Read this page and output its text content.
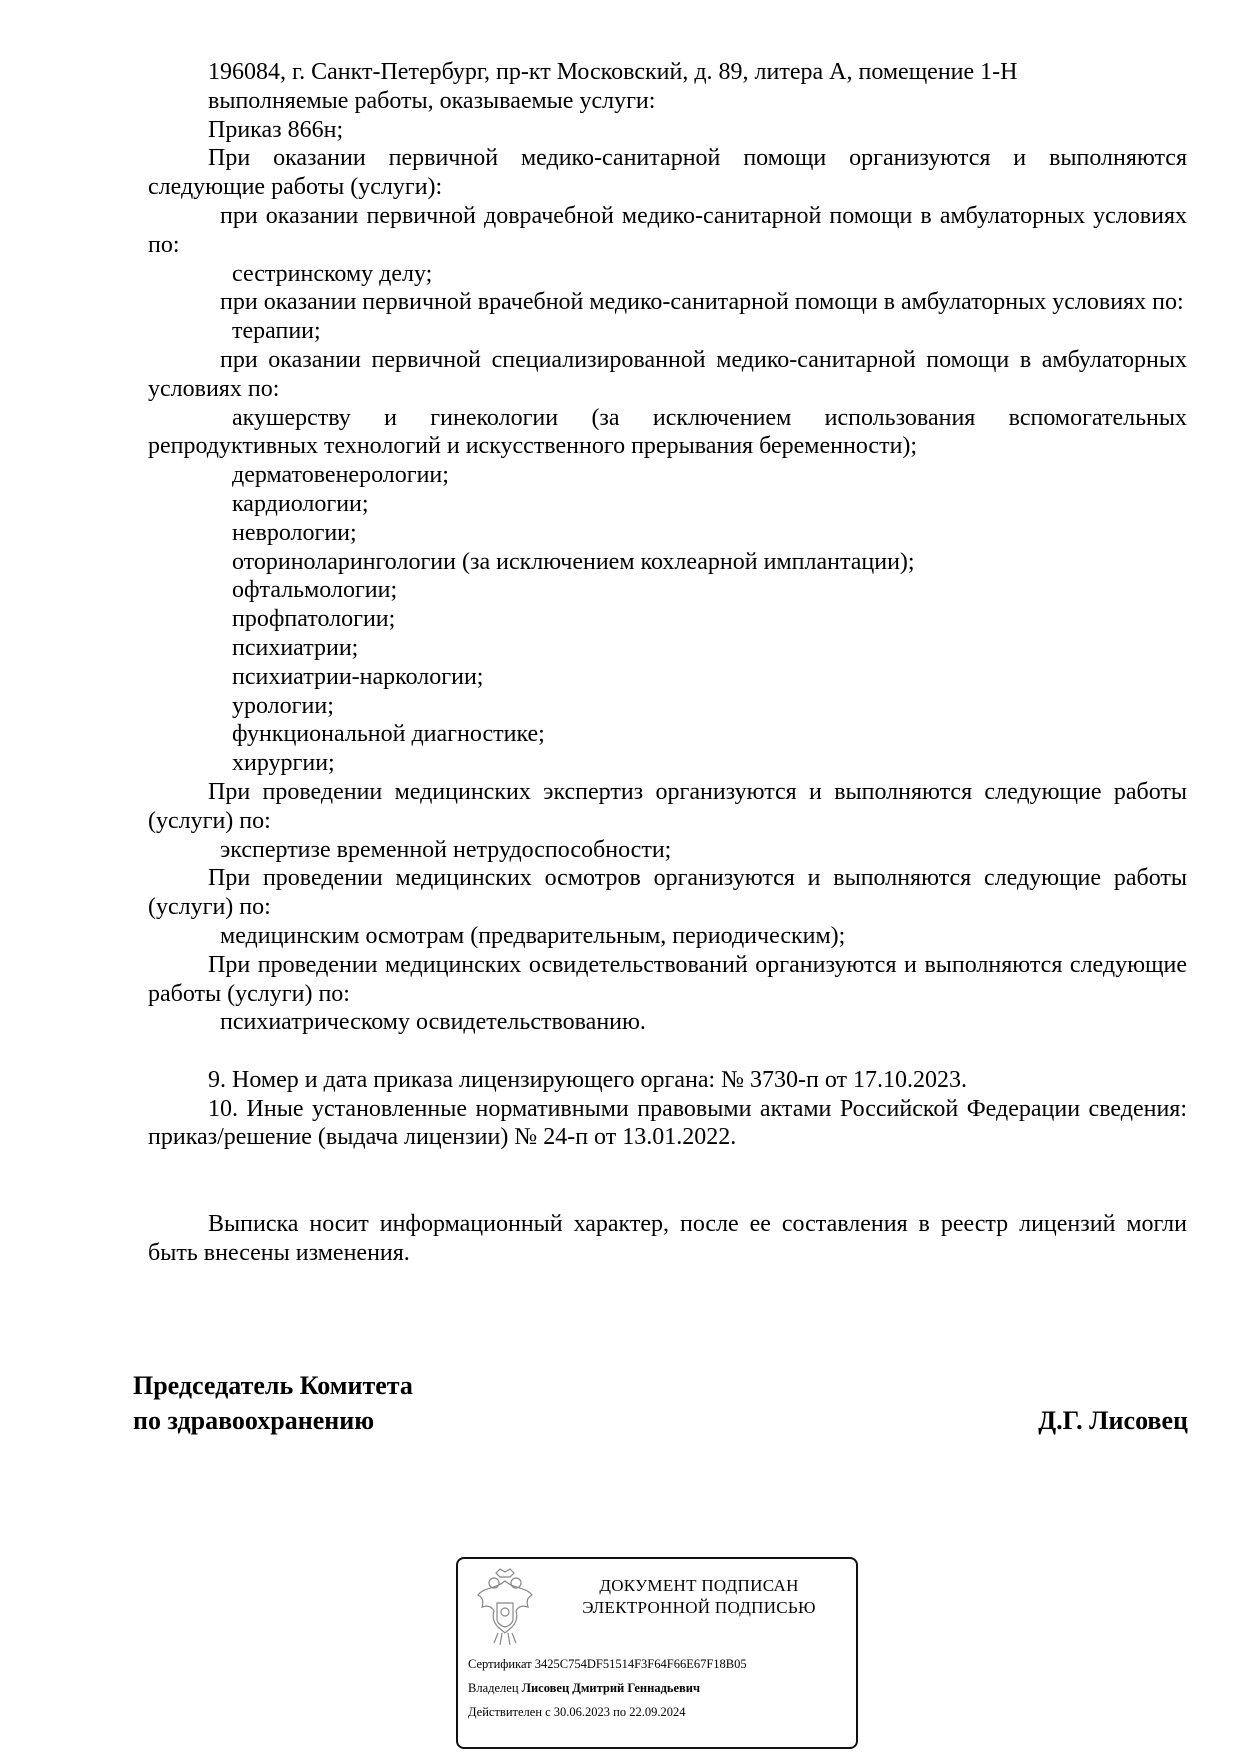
196084, г. Санкт-Петербург, пр-кт Московский, д. 89, литера А, помещение 1-Н

выполняемые работы, оказываемые услуги:

Приказ 866н;

При оказании первичной медико-санитарной помощи организуются и выполняются следующие работы (услуги):

при оказании первичной доврачебной медико-санитарной помощи в амбулаторных условиях по:

сестринскому делу;

при оказании первичной врачебной медико-санитарной помощи в амбулаторных условиях по:

терапии;

при оказании первичной специализированной медико-санитарной помощи в амбулаторных условиях по:

акушерству и гинекологии (за исключением использования вспомогательных репродуктивных технологий и искусственного прерывания беременности);

дерматовенерологии;

кардиологии;

неврологии;

оториноларингологии (за исключением кохлеарной имплантации);

офтальмологии;

профпатологии;

психиатрии;

психиатрии-наркологии;

урологии;

функциональной диагностике;

хирургии;

При проведении медицинских экспертиз организуются и выполняются следующие работы (услуги) по:

экспертизе временной нетрудоспособности;

При проведении медицинских осмотров организуются и выполняются следующие работы (услуги) по:

медицинским осмотрам (предварительным, периодическим);

При проведении медицинских освидетельствований организуются и выполняются следующие работы (услуги) по:

психиатрическому освидетельствованию.

9. Номер и дата приказа лицензирующего органа: № 3730-п от 17.10.2023.

10. Иные установленные нормативными правовыми актами Российской Федерации сведения: приказ/решение (выдача лицензии) № 24-п от 13.01.2022.

Выписка носит информационный характер, после ее составления в реестр лицензий могли быть внесены изменения.

Председатель Комитета
по здравоохранению	Д.Г. Лисовец
ДОКУМЕНТ ПОДПИСАН
ЭЛЕКТРОННОЙ ПОДПИСЬЮ
Сертификат 3425C754DF51514F3F64F66E67F18B05
Владелец Лисовец Дмитрий Геннадьевич
Действителен с 30.06.2023 по 22.09.2024
